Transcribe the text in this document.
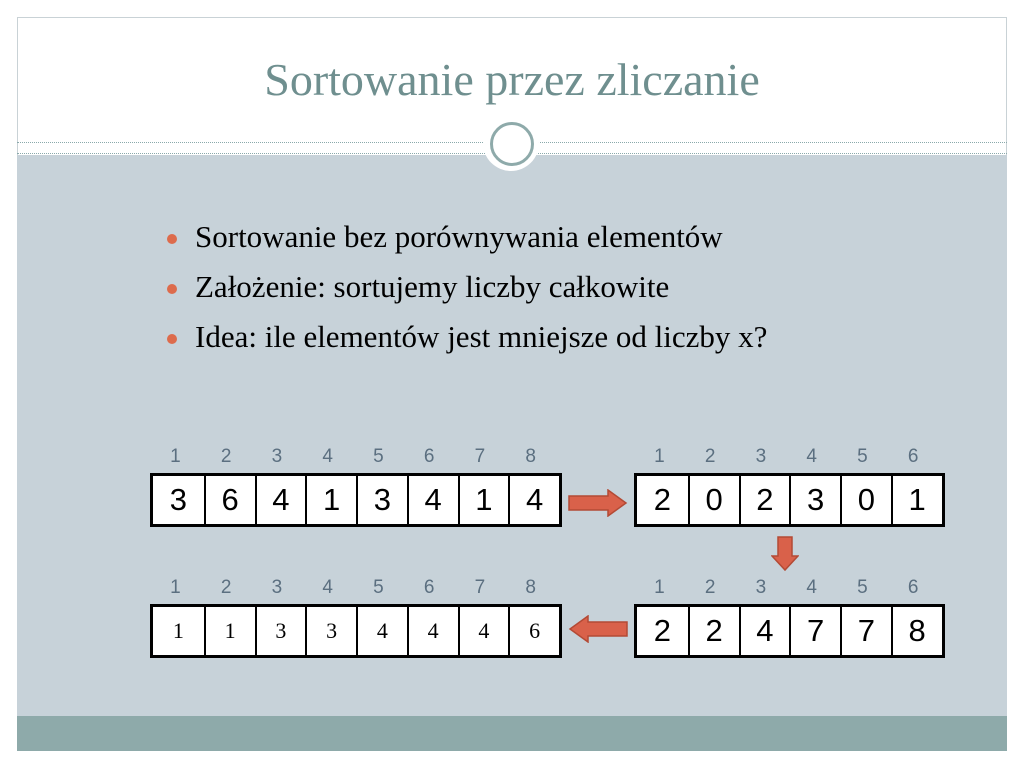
Sortowanie przez zliczanie
Sortowanie bez porównywania elementów
Założenie: sortujemy liczby całkowite
Idea: ile elementów jest mniejsze od liczby x?
1	2	3	4	5	6	7	8
3	6	4	1	3	4	1	4
1	2	3	4	5	6
2	0	2	3	0	1
1	2	3	4	5	6
2	2	4	7	7	8
1	2	3	4	5	6	7	8
1	1	3	3	4	4	4	6
